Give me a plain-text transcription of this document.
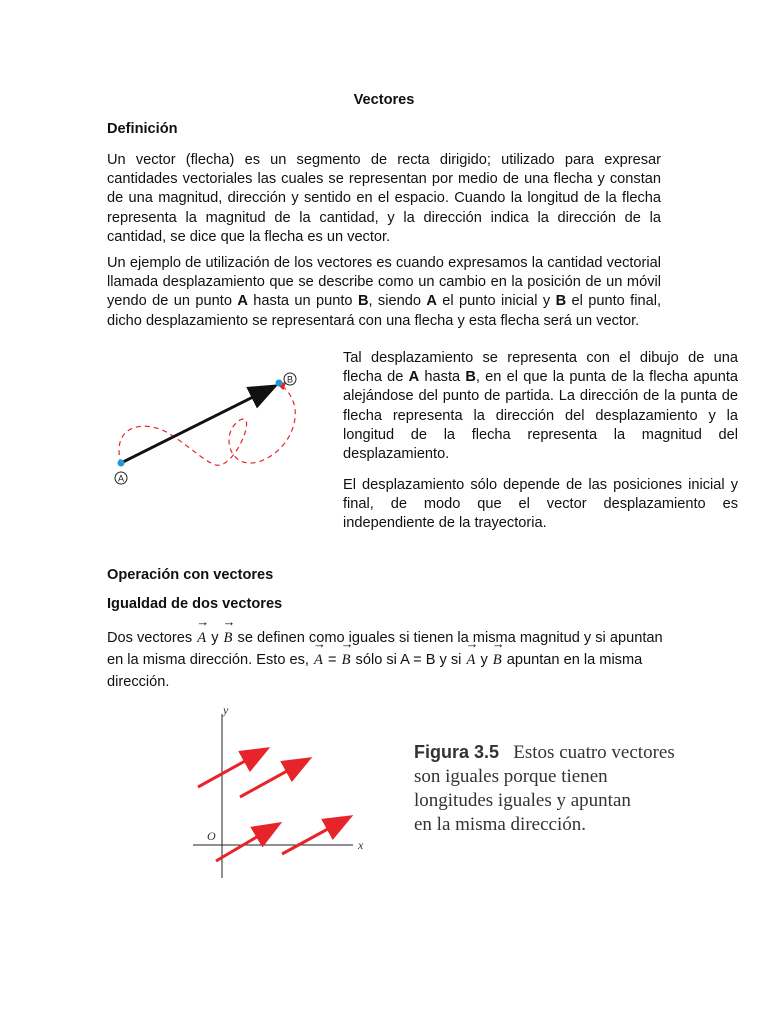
Vectores
Definición

Un vector (flecha) es un segmento de recta dirigido; utilizado para expresar cantidades vectoriales las cuales se representan por medio de una flecha y constan de una magnitud, dirección y sentido en el espacio. Cuando la longitud de la flecha representa la magnitud de la cantidad, y la dirección indica la dirección de la cantidad, se dice que la flecha es un vector.

Un ejemplo de utilización de los vectores es cuando expresamos la cantidad vectorial llamada desplazamiento que se describe como un cambio en la posición de un móvil yendo de un punto A hasta un punto B, siendo A el punto inicial y B el punto final, dicho desplazamiento se representará con una flecha y esta flecha será un vector.

A
B

Tal desplazamiento se representa con el dibujo de una flecha de A hasta B, en el que la punta de la flecha apunta alejándose del punto de partida. La dirección de la punta de flecha representa la dirección del desplazamiento y la longitud de la flecha representa la magnitud del desplazamiento.

El desplazamiento sólo depende de las posiciones inicial y final, de modo que el vector desplazamiento es independiente de la trayectoria.

Operación con vectores
Igualdad de dos vectores

Dos vectores A → y B → se definen como iguales si tienen la misma magnitud y si apuntan en la misma dirección. Esto es, A → = B → sólo si A = B y si A → y B → apuntan en la misma dirección.

y
x
O
Figura 3.5 Estos cuatro vectores
son iguales porque tienen
longitudes iguales y apuntan
en la misma dirección.
